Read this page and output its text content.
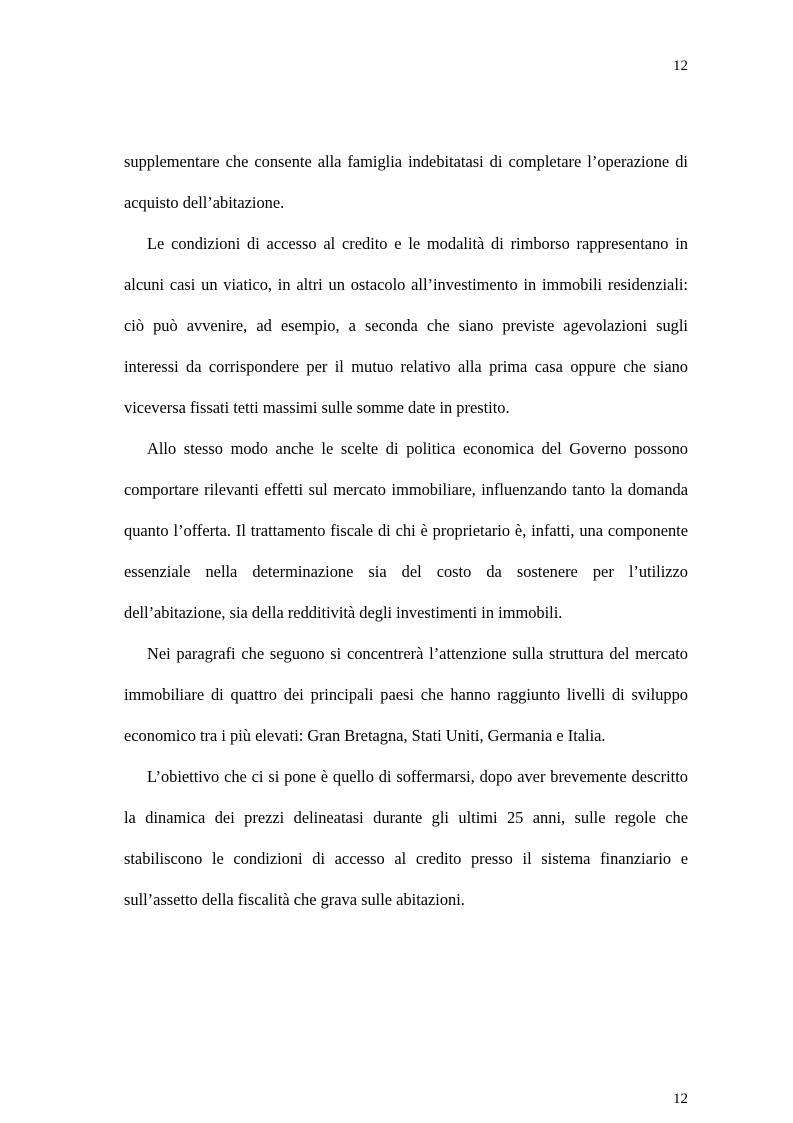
12

supplementare che consente alla famiglia indebitatasi di completare l’operazione di acquisto dell’abitazione.

Le condizioni di accesso al credito e le modalità di rimborso rappresentano in alcuni casi un viatico, in altri un ostacolo all’investimento in immobili residenziali: ciò può avvenire, ad esempio, a seconda che siano previste agevolazioni sugli interessi da corrispondere per il mutuo relativo alla prima casa oppure che siano viceversa fissati tetti massimi sulle somme date in prestito.

Allo stesso modo anche le scelte di politica economica del Governo possono comportare rilevanti effetti sul mercato immobiliare, influenzando tanto la domanda quanto l’offerta. Il trattamento fiscale di chi è proprietario è, infatti, una componente essenziale nella determinazione sia del costo da sostenere per l’utilizzo dell’abitazione, sia della redditività degli investimenti in immobili.

Nei paragrafi che seguono si concentrerà l’attenzione sulla struttura del mercato immobiliare di quattro dei principali paesi che hanno raggiunto livelli di sviluppo economico tra i più elevati: Gran Bretagna, Stati Uniti, Germania e Italia.

L’obiettivo che ci si pone è quello di soffermarsi, dopo aver brevemente descritto la dinamica dei prezzi delineatasi durante gli ultimi 25 anni, sulle regole che stabiliscono le condizioni di accesso al credito presso il sistema finanziario e sull’assetto della fiscalità che grava sulle abitazioni.

12
